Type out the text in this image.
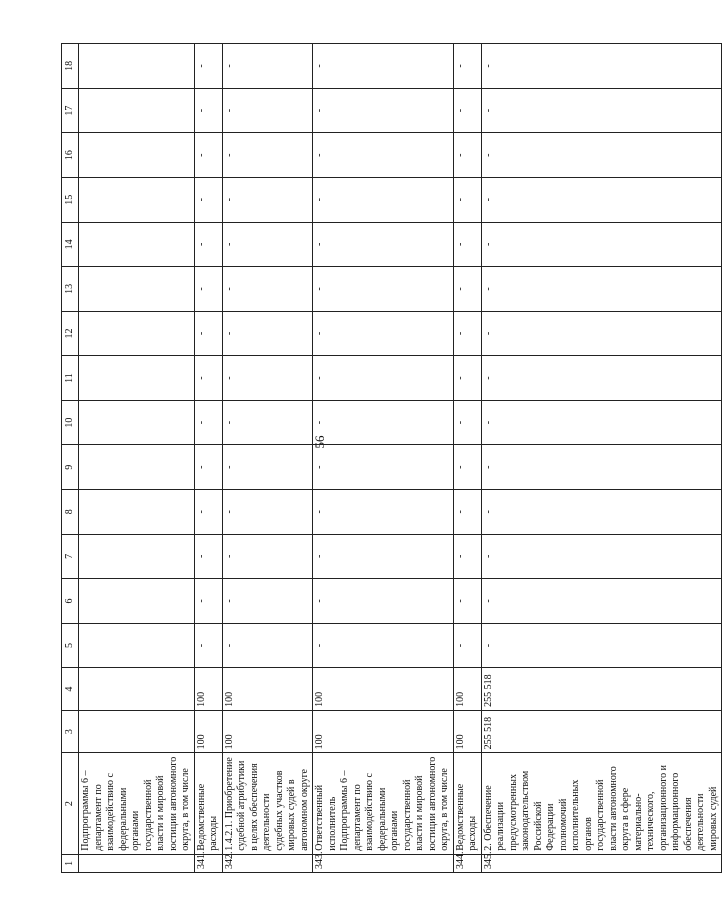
56
1	2	3	4	5	6	7	8	9	10	11	12	13	14	15	16	17	18
	Подпрограммы 6 – департамент по взаимодействию с федеральными органами государственной власти и мировой юстиции автономного округа, в том числе																
341.	Ведомственные расходы	100	100	-	-	-	-	-	-	-	-	-	-	-	-	-	-
342.	1.4.2.1. Приобретение судебной атрибутики в целях обеспечения деятельности судебных участков мировых судей в автономном округе	100	100	-	-	-	-	-	-	-	-	-	-	-	-	-	-
343.	Ответственный исполнитель Подпрограммы 6 – департамент по взаимодействию с федеральными органами государственной власти и мировой юстиции автономного округа, в том числе	100	100	-	-	-	-	-	-	-	-	-	-	-	-	-	-
344.	Ведомственные расходы	100	100	-	-	-	-	-	-	-	-	-	-	-	-	-	-
345.	2. Обеспечение реализации предусмотренных законодательством Российской Федерации полномочий исполнительных органов государственной власти автономного округа в сфере материально-технического, организационного и информационного обеспечения деятельности мировых судей	255 518	255 518	-	-	-	-	-	-	-	-	-	-	-	-	-	-
